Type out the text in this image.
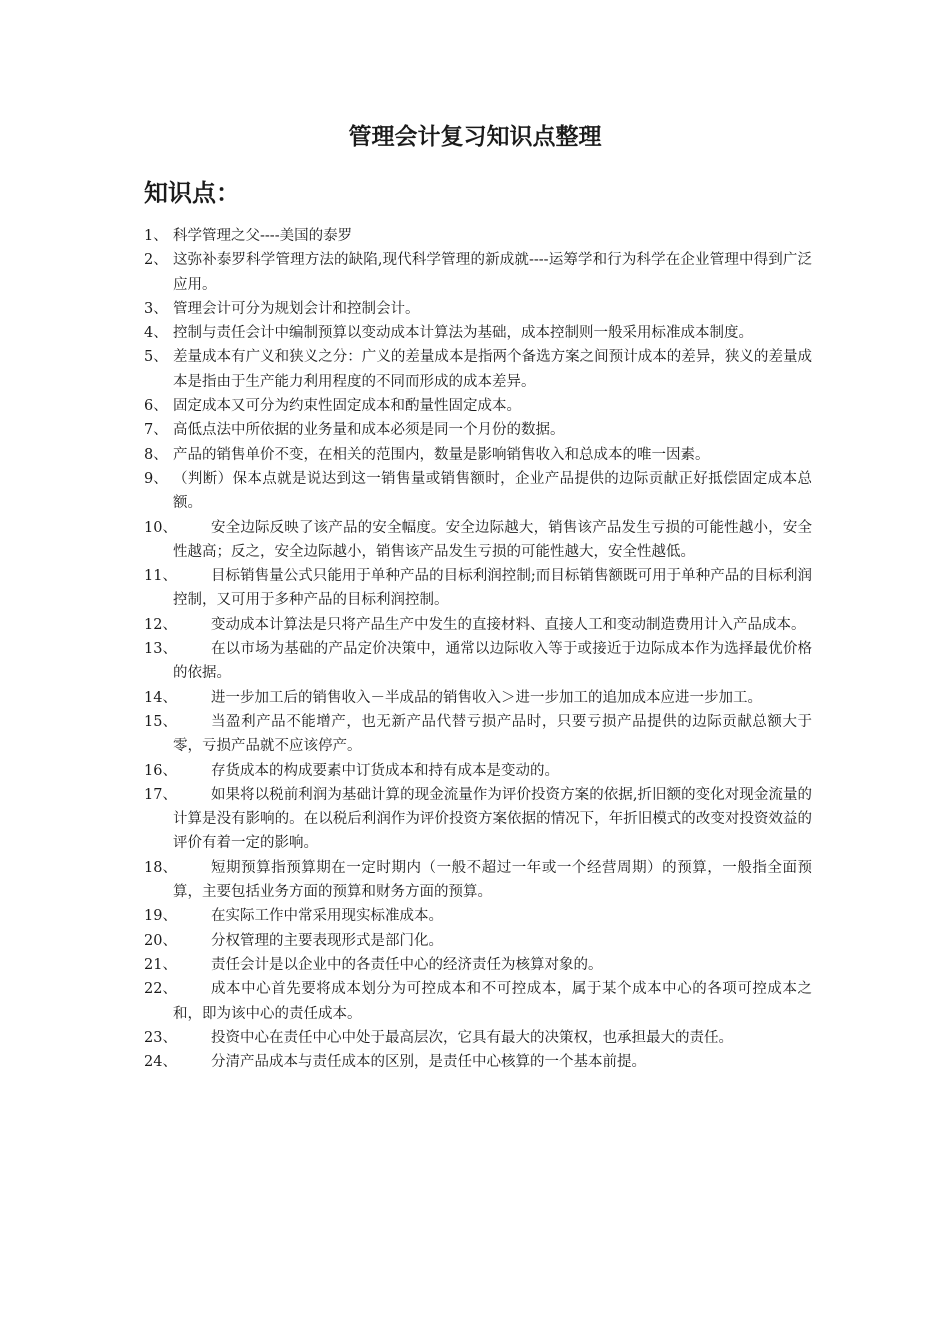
管理会计复习知识点整理
知识点：
1、 科学管理之父----美国的泰罗
2、 这弥补泰罗科学管理方法的缺陷,现代科学管理的新成就----运筹学和行为科学在企业管理中得到广泛应用。
3、 管理会计可分为规划会计和控制会计。
4、 控制与责任会计中编制预算以变动成本计算法为基础，成本控制则一般采用标准成本制度。
5、 差量成本有广义和狭义之分：广义的差量成本是指两个备选方案之间预计成本的差异，狭义的差量成本是指由于生产能力利用程度的不同而形成的成本差异。
6、 固定成本又可分为约束性固定成本和酌量性固定成本。
7、 高低点法中所依据的业务量和成本必须是同一个月份的数据。
8、 产品的销售单价不变，在相关的范围内，数量是影响销售收入和总成本的唯一因素。
9、 （判断）保本点就是说达到这一销售量或销售额时，企业产品提供的边际贡献正好抵偿固定成本总额。
10、	安全边际反映了该产品的安全幅度。安全边际越大，销售该产品发生亏损的可能性越小，安全性越高；反之，安全边际越小，销售该产品发生亏损的可能性越大，安全性越低。
11、	目标销售量公式只能用于单种产品的目标利润控制;而目标销售额既可用于单种产品的目标利润控制，又可用于多种产品的目标利润控制。
12、	变动成本计算法是只将产品生产中发生的直接材料、直接人工和变动制造费用计入产品成本。
13、	在以市场为基础的产品定价决策中，通常以边际收入等于或接近于边际成本作为选择最优价格的依据。
14、	进一步加工后的销售收入－半成品的销售收入＞进一步加工的追加成本应进一步加工。
15、	当盈利产品不能增产，也无新产品代替亏损产品时，只要亏损产品提供的边际贡献总额大于零，亏损产品就不应该停产。
16、	存货成本的构成要素中订货成本和持有成本是变动的。
17、	如果将以税前利润为基础计算的现金流量作为评价投资方案的依据,折旧额的变化对现金流量的计算是没有影响的。在以税后利润作为评价投资方案依据的情况下，年折旧模式的改变对投资效益的评价有着一定的影响。
18、	短期预算指预算期在一定时期内（一般不超过一年或一个经营周期）的预算，一般指全面预算，主要包括业务方面的预算和财务方面的预算。
19、	在实际工作中常采用现实标准成本。
20、	分权管理的主要表现形式是部门化。
21、	责任会计是以企业中的各责任中心的经济责任为核算对象的。
22、	成本中心首先要将成本划分为可控成本和不可控成本，属于某个成本中心的各项可控成本之和，即为该中心的责任成本。
23、	投资中心在责任中心中处于最高层次，它具有最大的决策权，也承担最大的责任。
24、	分清产品成本与责任成本的区别，是责任中心核算的一个基本前提。
